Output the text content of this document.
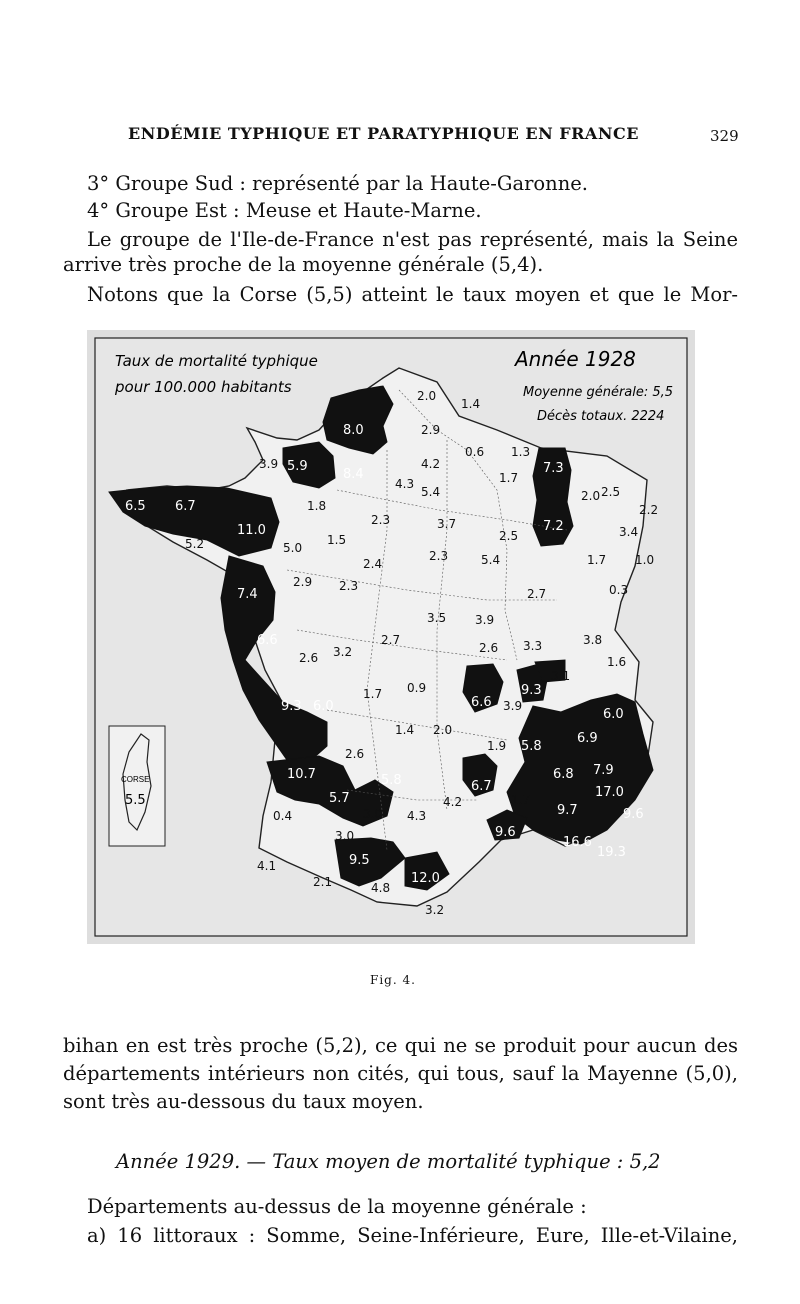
ENDÉMIE TYPHIQUE ET PARATYPHIQUE EN FRANCE	329
3° Groupe Sud : représenté par la Haute-Garonne.
4° Groupe Est : Meuse et Haute-Marne.
Le groupe de l'Ile-de-France n'est pas représenté, mais la Seine
arrive très proche de la moyenne générale (5,4).
Notons que la Corse (5,5) atteint le taux moyen et que le Mor-
CORSE
5.5
Taux de mortalité typhique
pour 100.000 habitants
Année 1928
Moyenne générale: 5,5
Décès totaux. 2224
8.0
5.9
8.4
6.5 6.7
11.0
7.4
6.6
9.3 6.0
10.7
5.7
5.8
7.3
7.2
6.6
9.3
6.0
6.9
5.8
6.7
6.8 7.9
17.0
9.6
9.7
16.6
19.3
9.6
9.5
12.0
2.0
1.4
2.9
0.6 1.3
4.2
3.9
5.4
4.3	1.7
2.0 2.5
2.2
1.8
2.3	3.7
2.5	3.4
5.2	5.0
1.5
2.3	5.4	1.0
1.7
2.4
2.9 2.3
2.7	0.3
3.5 3.9
3.8
2.6 3.2
2.7	3.3
2.6
3.1
1.6
1.7 0.9
3.9
2.6
1.4 2.0
1.9
0.4
3.0
3.0
4.2
4.3
1.7
4.1
2.1	4.8
3.2
Fig. 4.
bihan en est très proche (5,2), ce qui ne se produit pour aucun des
départements intérieurs non cités, qui tous, sauf la Mayenne (5,0),
sont très au-dessous du taux moyen.
Année 1929. — Taux moyen de mortalité typhique : 5,2
Départements au-dessus de la moyenne générale :
a) 16 littoraux : Somme, Seine-Inférieure, Eure, Ille-et-Vilaine,
